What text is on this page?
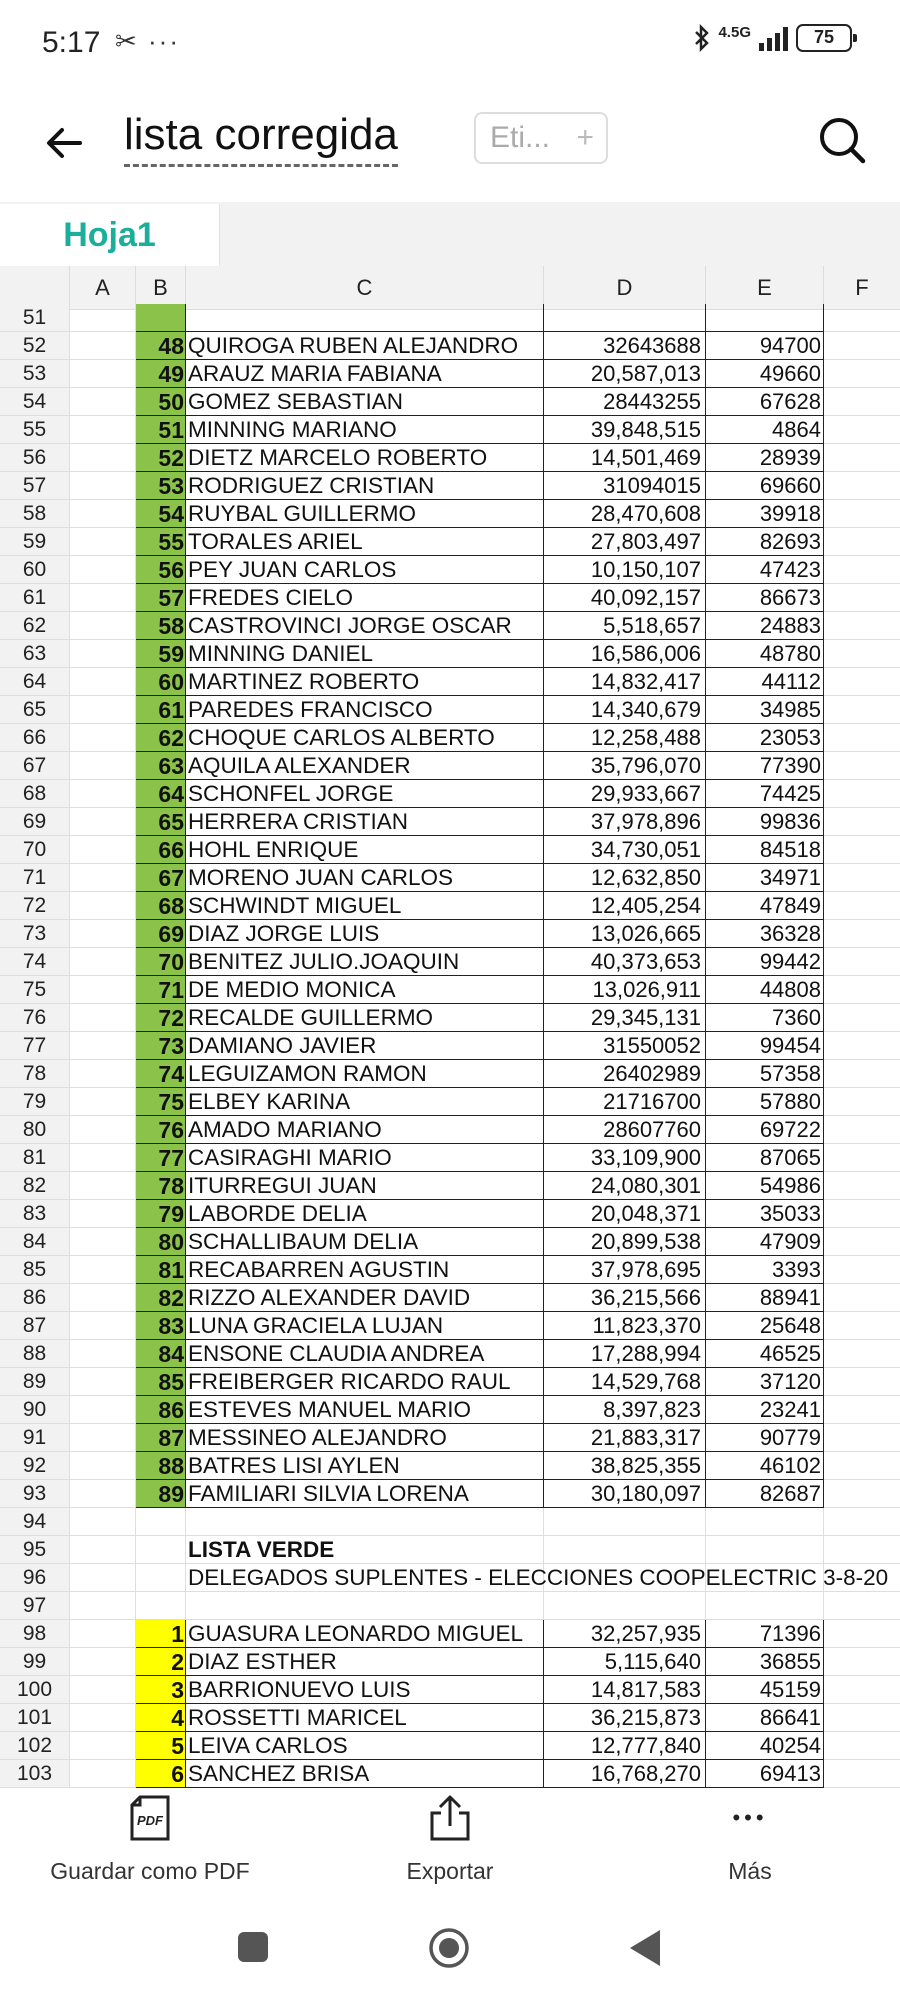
5:17 ✂ ···	4.5G	75
lista corregida	Eti... +
Hoja1
A	B	C	D	E	F
51
52	48 QUIROGA RUBEN ALEJANDRO	32643688	94700
53	49 ARAUZ MARIA FABIANA	20,587,013	49660
54	50 GOMEZ SEBASTIAN	28443255	67628
55	51 MINNING MARIANO	39,848,515	4864
56	52 DIETZ MARCELO ROBERTO	14,501,469	28939
57	53 RODRIGUEZ CRISTIAN	31094015	69660
58	54 RUYBAL GUILLERMO	28,470,608	39918
59	55 TORALES ARIEL	27,803,497	82693
60	56 PEY JUAN CARLOS	10,150,107	47423
61	57 FREDES CIELO	40,092,157	86673
62	58 CASTROVINCI JORGE OSCAR	5,518,657	24883
63	59 MINNING DANIEL	16,586,006	48780
64	60 MARTINEZ ROBERTO	14,832,417	44112
65	61 PAREDES FRANCISCO	14,340,679	34985
66	62 CHOQUE CARLOS ALBERTO	12,258,488	23053
67	63 AQUILA ALEXANDER	35,796,070	77390
68	64 SCHONFEL JORGE	29,933,667	74425
69	65 HERRERA CRISTIAN	37,978,896	99836
70	66 HOHL ENRIQUE	34,730,051	84518
71	67 MORENO JUAN CARLOS	12,632,850	34971
72	68 SCHWINDT MIGUEL	12,405,254	47849
73	69 DIAZ JORGE LUIS	13,026,665	36328
74	70 BENITEZ JULIO.JOAQUIN	40,373,653	99442
75	71 DE MEDIO MONICA	13,026,911	44808
76	72 RECALDE GUILLERMO	29,345,131	7360
77	73 DAMIANO JAVIER	31550052	99454
78	74 LEGUIZAMON RAMON	26402989	57358
79	75 ELBEY KARINA	21716700	57880
80	76 AMADO MARIANO	28607760	69722
81	77 CASIRAGHI MARIO	33,109,900	87065
82	78 ITURREGUI JUAN	24,080,301	54986
83	79 LABORDE DELIA	20,048,371	35033
84	80 SCHALLIBAUM DELIA	20,899,538	47909
85	81 RECABARREN AGUSTIN	37,978,695	3393
86	82 RIZZO ALEXANDER DAVID	36,215,566	88941
87	83 LUNA GRACIELA LUJAN	11,823,370	25648
88	84 ENSONE CLAUDIA ANDREA	17,288,994	46525
89	85 FREIBERGER RICARDO RAUL	14,529,768	37120
90	86 ESTEVES MANUEL MARIO	8,397,823	23241
91	87 MESSINEO ALEJANDRO	21,883,317	90779
92	88 BATRES LISI AYLEN	38,825,355	46102
93	89 FAMILIARI SILVIA LORENA	30,180,097	82687
94
95	LISTA VERDE
96	DELEGADOS SUPLENTES - ELECCIONES COOPELECTRIC 3-8-20
97
98	1 GUASURA LEONARDO MIGUEL	32,257,935	71396
99	2 DIAZ ESTHER	5,115,640	36855
100	3 BARRIONUEVO LUIS	14,817,583	45159
101	4 ROSSETTI MARICEL	36,215,873	86641
102	5 LEIVA CARLOS	12,777,840	40254
103	6 SANCHEZ BRISA	16,768,270	69413
PDF
Guardar como PDF	Exportar
•••
Más
